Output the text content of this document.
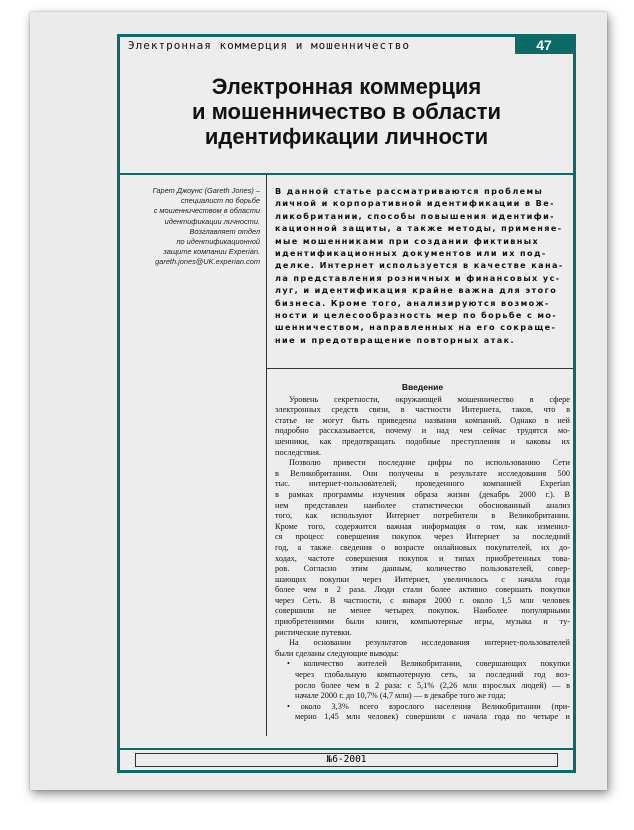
Электронная коммерция и мошенничество	47
Электронная коммерция
и мошенничество в области
идентификации личности
Гарет Джоунс (Gareth Jones) –
специалист по борьбе
с мошенничеством в области
идентификации личности.
Возглавляет отдел
по идентификационной
защите компании Experian.
gareth.jones@UK.experian.com
В данной статье рассматриваются проблемы
личной и корпоративной идентификации в Ве-
ликобритании, способы повышения идентифи-
кационной защиты, а также методы, применяе-
мые мошенниками при создании фиктивных
идентификационных документов или их под-
делке. Интернет используется в качестве кана-
ла представления розничных и финансовых ус-
луг, и идентификация крайне важна для этого
бизнеса. Кроме того, анализируются возмож-
ности и целесообразность мер по борьбе с мо-
шенничеством, направленных на его сокраще-
ние и предотвращение повторных атак.
Введение
Уровень секретности, окружающей мошенничество в сфере
электронных средств связи, в частности Интернета, таков, что в
статье не могут быть приведены названия компаний. Однако в ней
подробно рассказывается, почему и над чем сейчас трудятся мо-
шенники, как предотвращать подобные преступления и каковы их
последствия.
Позволю привести последние цифры по использованию Сети
в Великобритании. Они получены в результате исследования 500
тыс. интернет-пользователей, проведенного компанией Experian
в рамках программы изучения образа жизни (декабрь 2000 г.). В
нем представлен наиболее статистически обоснованный анализ
того, как используют Интернет потребители в Великобритании.
Кроме того, содержится важная информация о том, как изменил-
ся процесс совершения покупок через Интернет за последний
год, а также сведения о возрасте онлайновых покупателей, их до-
ходах, частоте совершения покупок и типах приобретенных това-
ров. Согласно этим данным, количество пользователей, совер-
шающих покупки через Интернет, увеличилось с начала года
более чем в 2 раза. Люди стали более активно совершать покупки
через Сеть. В частности, с января 2000 г. около 1,5 млн человек
совершили не менее четырех покупок. Наиболее популярными
приобретениями были книги, компьютерные игры, музыка и ту-
ристические путевки.
На основании результатов исследования интернет-пользователей
были сделаны следующие выводы:
• количество жителей Великобритании, совершающих покупки
через глобальную компьютерную сеть, за последний год воз-
росло более чем в 2 раза: с 5,1% (2,26 млн взрослых людей) — в
начале 2000 г. до 10,7% (4,7 млн) — в декабре того же года;
• около 3,3% всего взрослого населения Великобритании (при-
мерно 1,45 млн человек) совершили с начала года по четыре и
№6-2001
